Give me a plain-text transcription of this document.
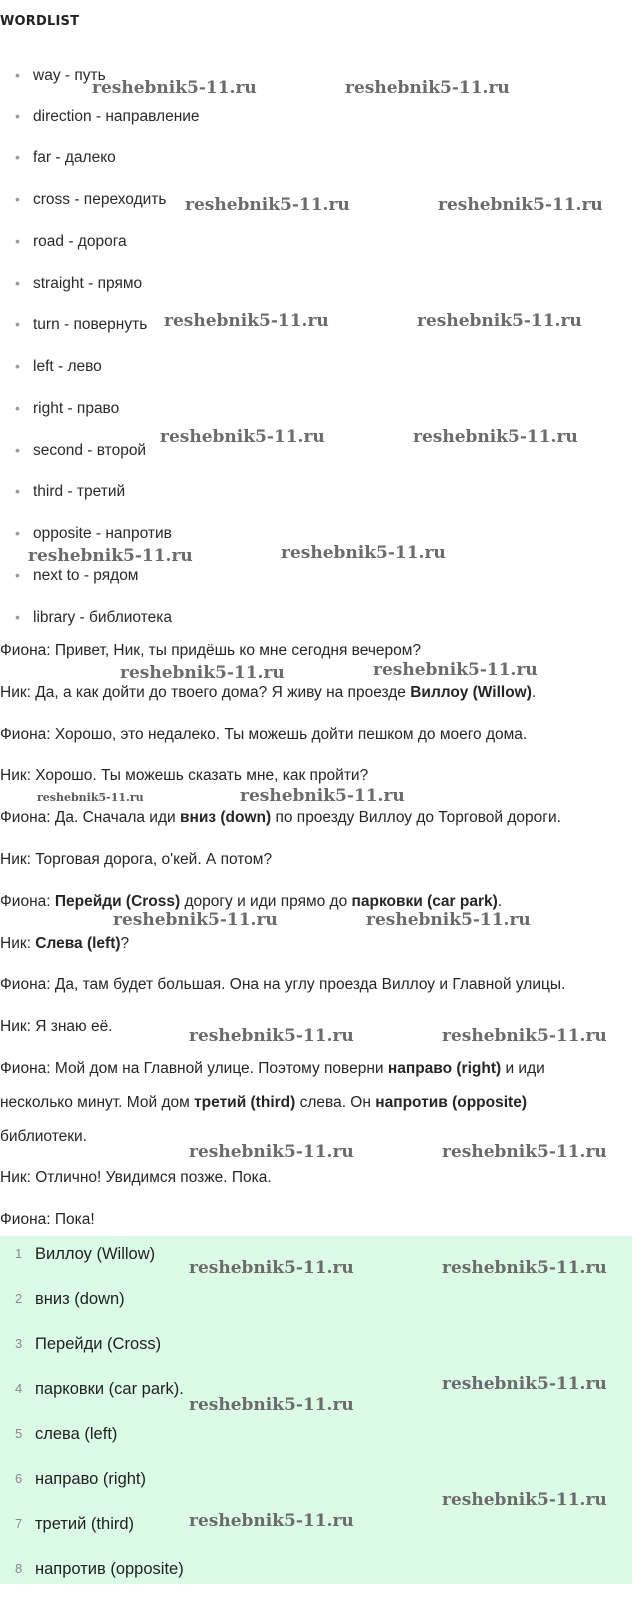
WORDLIST
• way - путь
• direction - направление
• far - далеко
• cross - переходить
• road - дорога
• straight - прямо
• turn - повернуть
• left - лево
• right - право
• second - второй
• third - третий
• opposite - напротив
• next to - рядом
• library - библиотека
Фиона: Привет, Ник, ты придёшь ко мне сегодня вечером?
Ник: Да, а как дойти до твоего дома? Я живу на проезде Виллоу (Willow).
Фиона: Хорошо, это недалеко. Ты можешь дойти пешком до моего дома.
Ник: Хорошо. Ты можешь сказать мне, как пройти?
Фиона: Да. Сначала иди вниз (down) по проезду Виллоу до Торговой дороги.
Ник: Торговая дорога, о'кей. А потом?
Фиона: Перейди (Cross) дорогу и иди прямо до парковки (car park).
Ник: Слева (left)?
Фиона: Да, там будет большая. Она на углу проезда Виллоу и Главной улицы.
Ник: Я знаю её.
Фиона: Мой дом на Главной улице. Поэтому поверни направо (right) и иди
несколько минут. Мой дом третий (third) слева. Он напротив (opposite)
библиотеки.
Ник: Отлично! Увидимся позже. Пока.
Фиона: Пока!
1 Виллоу (Willow)
2 вниз (down)
3 Перейди (Cross)
4 парковки (car park).
5 слева (left)
6 направо (right)
7 третий (third)
8 напротив (opposite)
reshebnik5-11.ru	reshebnik5-11.ru
reshebnik5-11.ru	reshebnik5-11.ru
reshebnik5-11.ru	reshebnik5-11.ru
reshebnik5-11.ru	reshebnik5-11.ru
reshebnik5-11.ru	reshebnik5-11.ru
reshebnik5-11.ru	reshebnik5-11.ru
reshebnik5-11.ru	reshebnik5-11.ru
reshebnik5-11.ru	reshebnik5-11.ru
reshebnik5-11.ru	reshebnik5-11.ru
reshebnik5-11.ru	reshebnik5-11.ru
reshebnik5-11.ru	reshebnik5-11.ru
reshebnik5-11.ru
reshebnik5-11.ru
reshebnik5-11.ru
reshebnik5-11.ru
